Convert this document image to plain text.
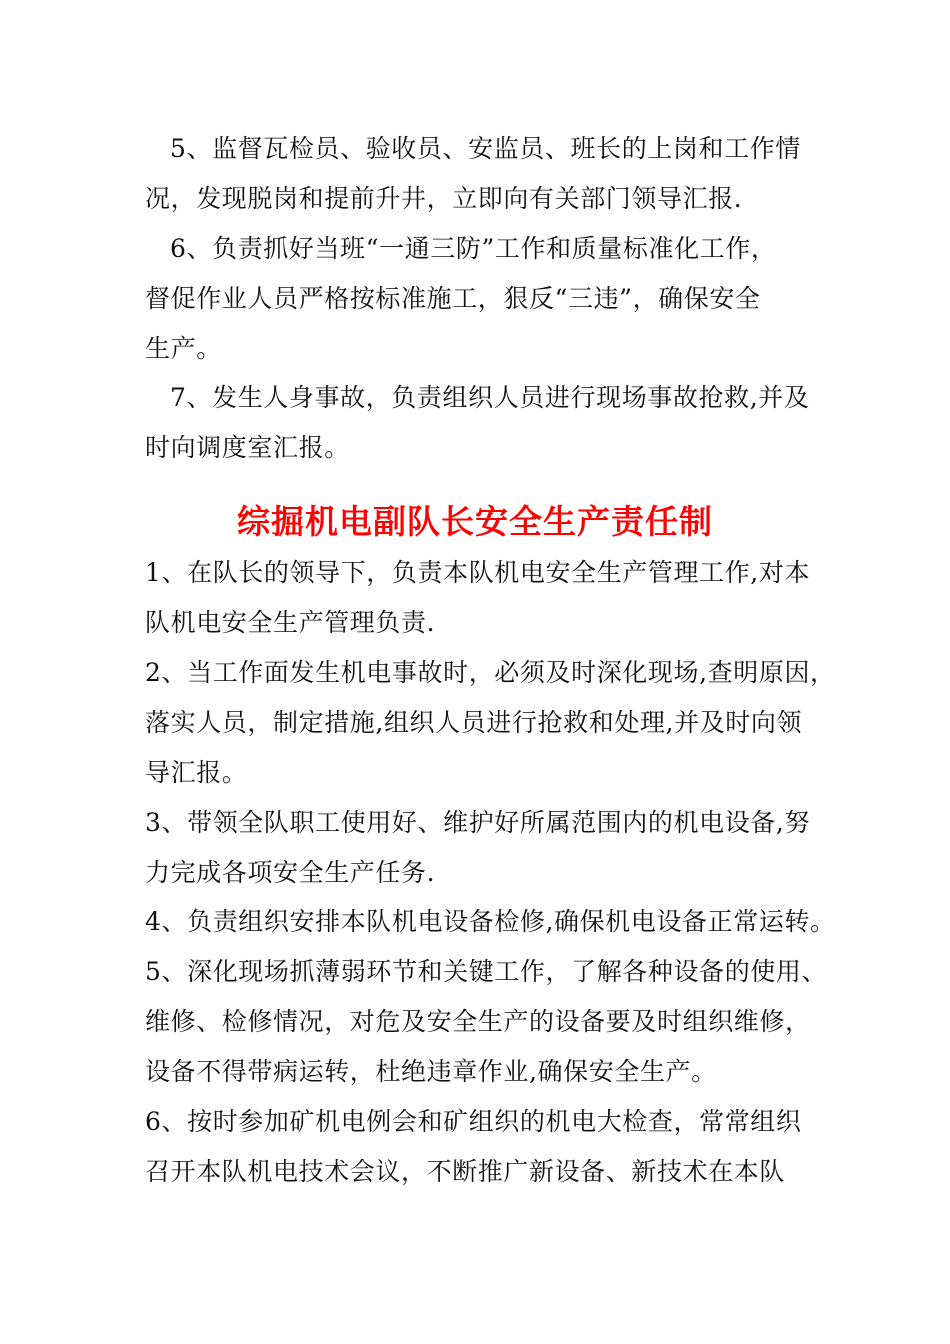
5、监督瓦检员、验收员、安监员、班长的上岗和工作情
况，发现脱岗和提前升井，立即向有关部门领导汇报.
6、负责抓好当班“一通三防”工作和质量标准化工作，
督促作业人员严格按标准施工，狠反“三违”，确保安全
生产。
7、发生人身事故，负责组织人员进行现场事故抢救,并及
时向调度室汇报。
综掘机电副队长安全生产责任制
1、在队长的领导下，负责本队机电安全生产管理工作,对本
队机电安全生产管理负责.
2、当工作面发生机电事故时，必须及时深化现场,查明原因，
落实人员，制定措施,组织人员进行抢救和处理,并及时向领
导汇报。
3、带领全队职工使用好、维护好所属范围内的机电设备,努
力完成各项安全生产任务.
4、负责组织安排本队机电设备检修,确保机电设备正常运转。
5、深化现场抓薄弱环节和关键工作，了解各种设备的使用、
维修、检修情况，对危及安全生产的设备要及时组织维修，
设备不得带病运转，杜绝违章作业,确保安全生产。
6、按时参加矿机电例会和矿组织的机电大检查，常常组织
召开本队机电技术会议，不断推广新设备、新技术在本队
